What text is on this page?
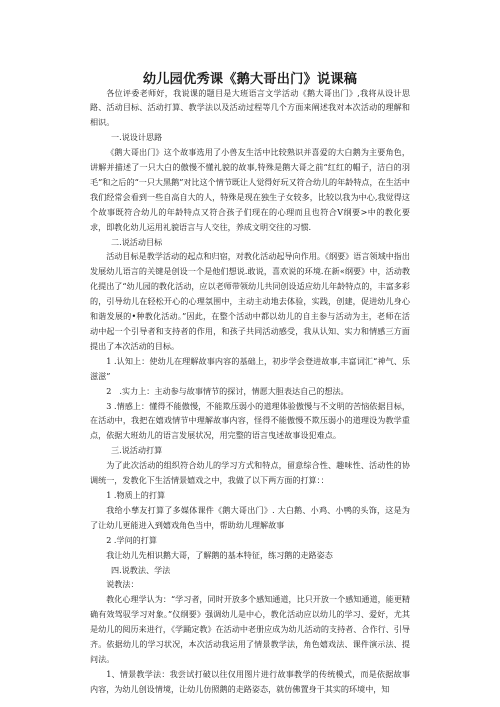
幼儿园优秀课《鹅大哥出门》说课稿

各位评委老师好，我说课的题目是大班语言文学活动《鹅大哥出门》,我将从设计思路、活动目标、活动打算、教学法以及活动过程等几个方面来阐述我对本次活动的理解和相识。

一.说设计思路

《鹅大哥出门》这个故事选用了小兽友生活中比较熟识并喜爱的大白鹅为主要角色，讲解并描述了一只大白的傲慢不懂礼貌的故事,特殊是鹅大哥之前“红红的帽子，洁白的羽毛”和之后的“一只大黑鹅”对比这个情节既让人觉得好玩又符合幼儿的年龄特点，在生活中我们经常会看到一些自高自大的人，特殊是现在独生子女较多，比较以我为中心,我觉得这个故事既符合幼儿的年龄特点又符合孩子们现在的心理而且也符合V纲要>中的教化要求，即教化幼儿运用礼貌语言与人交往，养成文明交往的习惯.

二.说活动目标

活动目标是教学活动的起点和归宿，对教化活动起导向作用。《纲要》语言领域中指出 发展幼儿语言的关键是创设一个是他们想说.敢说，喜欢说的环境.在新«纲要》中，活动教化提出了“幼儿园的教化活动，应以老师带领幼儿共同创设适应幼儿年龄特点的，丰富多彩的，引导幼儿在轻松开心的心理氛围中，主动主动地去体验，实践，创建，促进幼儿身心和谐发展的•种教化活动。”因此，在整个活动中都以幼儿的自主参与活动为主，老师在活动中起一个引导者和支持者的作用，和孩子共同活动感受，我从认知、实力和情感三方面提出了本次活动的目标。

1 .认知上：使幼儿在理解故事内容的基础上，初步学会登进故事,丰富词汇“神气、乐滋滋”

2　.实力上：主动参与故事情节的探讨，情愿大胆表达自己的想法。

3 .情感上：懂得不能傲慢，不能欺压弱小的道理体验傲慢与不文明的苦恼依据目标，在活动中，我把在嬉戏情节中理解故事内容，怪得不能傲慢不欺压弱小的道理设为教学重点，依据大班幼儿的语言发展状况，用完整的语言曳述故事设犯难点。

三.说活动打算

为了此次活动的组织符合幼儿的学习方式和特点，留意综合性、趣味性、活动性的协调统一，发教化下生活情景嬉戏之中，我做了以下两方面的打算：：

1 .物质上的打算

我给小孳友打算了多媒体课件《鹅大哥出门》. 大白鹅、小鸡、小鸭的头饰，这是为了让幼儿更能进入到嬉戏角色当中，帮助幼儿理解故事

2 .学问的打算

我让幼儿先相识鹅大哥，了解鹅的基本特征，练习鹅的走路姿态

四.说教法、学法

说教法：

教化心理学认为：“学习者，同时开放多个感知通道，比只开放一个感知通道，能更精确有效驾驭学习对象。”仪纲要》强调幼儿是中心，教化活动应以幼儿的学习、爱好，尤其是幼儿的阅历来进行，《学踊定教》在活动中老册应成为幼儿活动的支持者、合作行、引导齐。依据幼儿的学习状况，本次活动我运用了情景教学法，角色嬉戏法、课件演示法、提问法。

1、情景教学法：我尝试打破以往仅用图片进行故事教学的传统模式，而是依据故事内容，为幼儿创设情境，让幼儿仿照鹅的走路姿态，就仿佛置身于其实的环境中，知
